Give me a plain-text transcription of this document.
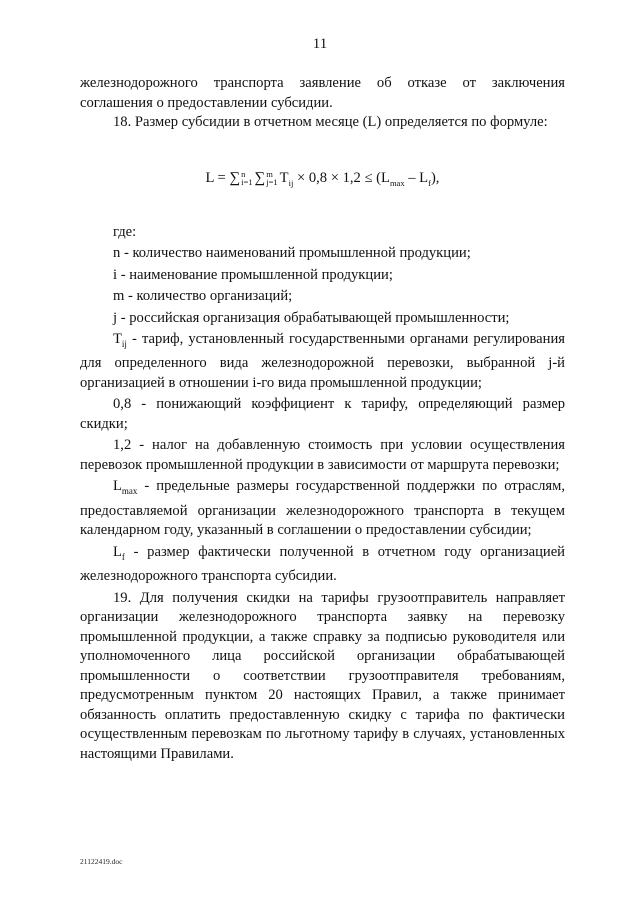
11

железнодорожного транспорта заявление об отказе от заключения соглашения о предоставлении субсидии.

18. Размер субсидии в отчетном месяце (L) определяется по формуле:

L = ∑ n
i=1 ∑ m
j=1 $T_{ij} \times 0,8 \times 1,2 \le (L_{max} - L_f)$,

где:

n - количество наименований промышленной продукции;

i - наименование промышленной продукции;

m - количество организаций;

j - российская организация обрабатывающей промышленности;

$T_{ij}$ - тариф, установленный государственными органами регулирования для определенного вида железнодорожной перевозки, выбранной j-й организацией в отношении i-го вида промышленной продукции;

0,8 - понижающий коэффициент к тарифу, определяющий размер скидки;

1,2 - налог на добавленную стоимость при условии осуществления перевозок промышленной продукции в зависимости от маршрута перевозки;

$L_{max}$ - предельные размеры государственной поддержки по отраслям, предоставляемой организации железнодорожного транспорта в текущем календарном году, указанный в соглашении о предоставлении субсидии;

$L_f$ - размер фактически полученной в отчетном году организацией железнодорожного транспорта субсидии.

19. Для получения скидки на тарифы грузоотправитель направляет организации железнодорожного транспорта заявку на перевозку промышленной продукции, а также справку за подписью руководителя или уполномоченного лица российской организации обрабатывающей промышленности о соответствии грузоотправителя требованиям, предусмотренным пунктом 20 настоящих Правил, а также принимает обязанность оплатить предоставленную скидку с тарифа по фактически осуществленным перевозкам по льготному тарифу в случаях, установленных настоящими Правилами.

21122419.doc
